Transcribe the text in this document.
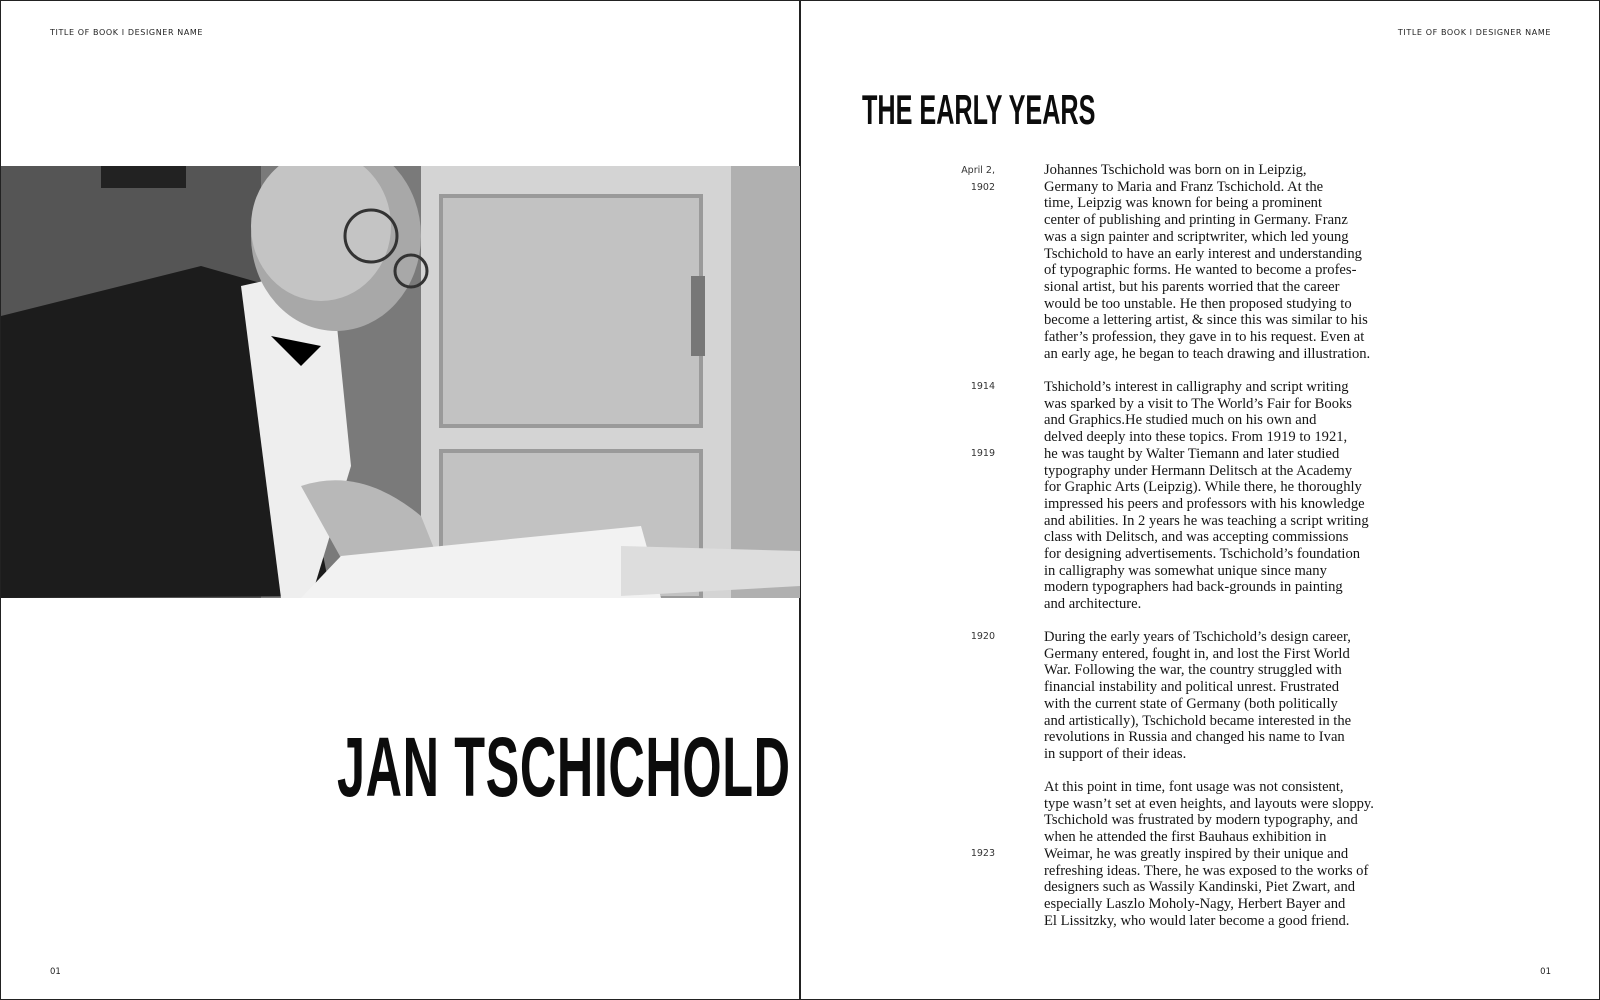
TITLE OF BOOK I DESIGNER NAME
JAN TSCHICHOLD
01
TITLE OF BOOK I DESIGNER NAME
01
THE EARLY YEARS
April 2,
1902
1914
1919
1920
1923
Johannes Tschichold was born on in Leipzig,
Germany to Maria and Franz Tschichold. At the
time, Leipzig was known for being a prominent
center of publishing and printing in Germany. Franz
was a sign painter and scriptwriter, which led young
Tschichold to have an early interest and understanding
of typographic forms. He wanted to become a profes-
sional artist, but his parents worried that the career
would be too unstable. He then proposed studying to
become a lettering artist, & since this was similar to his
father’s profession, they gave in to his request. Even at
an early age, he began to teach drawing and illustration.
Tshichold’s interest in calligraphy and script writing
was sparked by a visit to The World’s Fair for Books
and Graphics.He studied much on his own and
delved deeply into these topics. From 1919 to 1921,
he was taught by Walter Tiemann and later studied
typography under Hermann Delitsch at the Academy
for Graphic Arts (Leipzig). While there, he thoroughly
impressed his peers and professors with his knowledge
and abilities. In 2 years he was teaching a script writing
class with Delitsch, and was accepting commissions
for designing advertisements. Tschichold’s foundation
in calligraphy was somewhat unique since many
modern typographers had back-grounds in painting
and architecture.
During the early years of Tschichold’s design career,
Germany entered, fought in, and lost the First World
War. Following the war, the country struggled with
financial instability and political unrest. Frustrated
with the current state of Germany (both politically
and artistically), Tschichold became interested in the
revolutions in Russia and changed his name to Ivan
in support of their ideas.
At this point in time, font usage was not consistent,
type wasn’t set at even heights, and layouts were sloppy.
Tschichold was frustrated by modern typography, and
when he attended the first Bauhaus exhibition in
Weimar, he was greatly inspired by their unique and
refreshing ideas. There, he was exposed to the works of
designers such as Wassily Kandinski, Piet Zwart, and
especially Laszlo Moholy-Nagy, Herbert Bayer and
El Lissitzky, who would later become a good friend.
